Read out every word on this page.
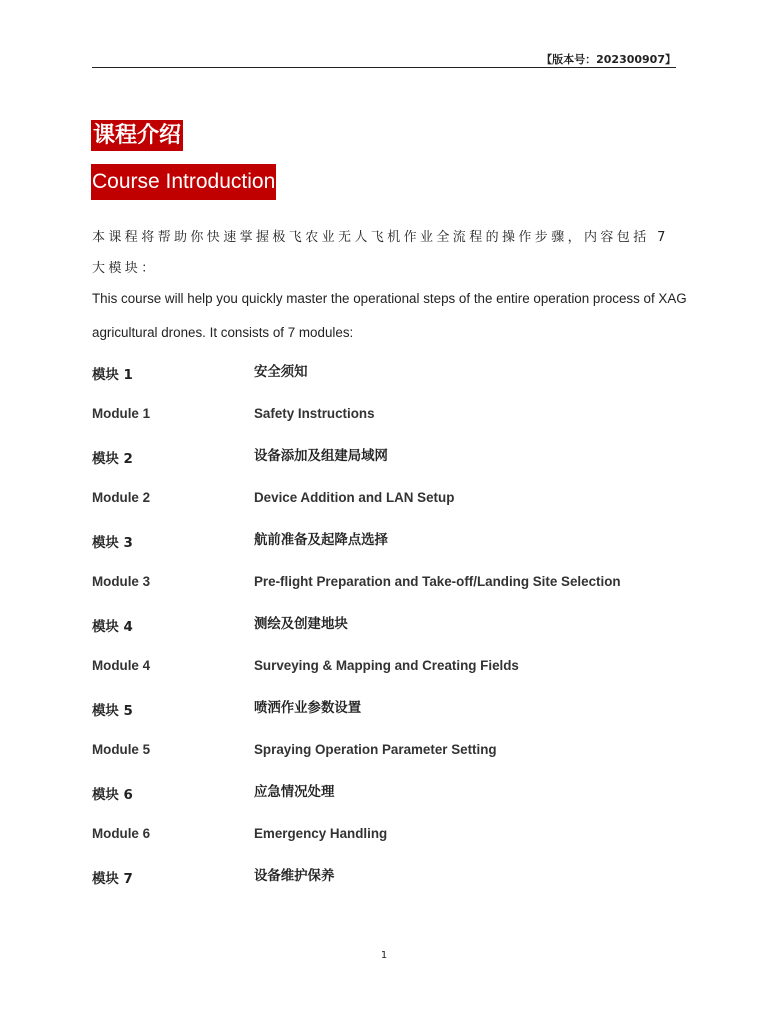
【版本号：202300907】
课程介绍
Course Introduction
本课程将帮助你快速掌握极飞农业无人飞机作业全流程的操作步骤，内容包括 7 大模块：
This course will help you quickly master the operational steps of the entire operation process of XAG agricultural drones. It consists of 7 modules:
模块 1	安全须知
Module 1	Safety Instructions
模块 2	设备添加及组建局域网
Module 2	Device Addition and LAN Setup
模块 3	航前准备及起降点选择
Module 3	Pre-flight Preparation and Take-off/Landing Site Selection
模块 4	测绘及创建地块
Module 4	Surveying & Mapping and Creating Fields
模块 5	喷洒作业参数设置
Module 5	Spraying Operation Parameter Setting
模块 6	应急情况处理
Module 6	Emergency Handling
模块 7	设备维护保养
1
